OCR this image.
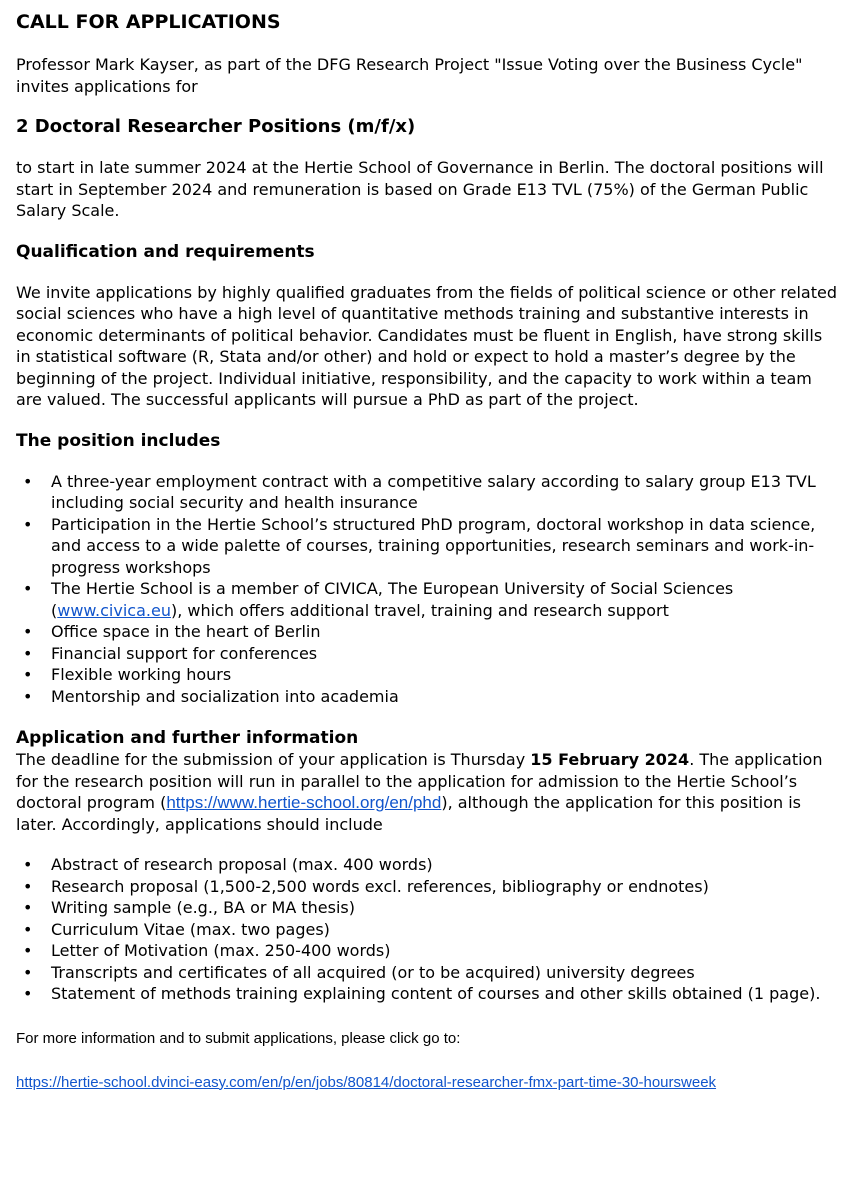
CALL FOR APPLICATIONS

Professor Mark Kayser, as part of the DFG Research Project "Issue Voting over the Business Cycle" invites applications for

2 Doctoral Researcher Positions (m/f/x)

to start in late summer 2024 at the Hertie School of Governance in Berlin. The doctoral positions will start in September 2024 and remuneration is based on Grade E13 TVL (75%) of the German Public Salary Scale.

Qualification and requirements

We invite applications by highly qualified graduates from the fields of political science or other related social sciences who have a high level of quantitative methods training and substantive interests in economic determinants of political behavior. Candidates must be fluent in English, have strong skills in statistical software (R, Stata and/or other) and hold or expect to hold a master’s degree by the beginning of the project. Individual initiative, responsibility, and the capacity to work within a team are valued. The successful applicants will pursue a PhD as part of the project.

The position includes
• A three-year employment contract with a competitive salary according to salary group E13 TVL including social security and health insurance
• Participation in the Hertie School’s structured PhD program, doctoral workshop in data science, and access to a wide palette of courses, training opportunities, research seminars and work-in-progress workshops
• The Hertie School is a member of CIVICA, The European University of Social Sciences (www.civica.eu), which offers additional travel, training and research support
• Office space in the heart of Berlin
• Financial support for conferences
• Flexible working hours
• Mentorship and socialization into academia
Application and further information

The deadline for the submission of your application is Thursday 15 February 2024. The application for the research position will run in parallel to the application for admission to the Hertie School’s doctoral program (https://www.hertie-school.org/en/phd), although the application for this position is later. Accordingly, applications should include

• Abstract of research proposal (max. 400 words)
• Research proposal (1,500-2,500 words excl. references, bibliography or endnotes)
• Writing sample (e.g., BA or MA thesis)
• Curriculum Vitae (max. two pages)
• Letter of Motivation (max. 250-400 words)
• Transcripts and certificates of all acquired (or to be acquired) university degrees
• Statement of methods training explaining content of courses and other skills obtained (1 page).

For more information and to submit applications, please click go to:

https://hertie-school.dvinci-easy.com/en/p/en/jobs/80814/doctoral-researcher-fmx-part-time-30-hoursweek
